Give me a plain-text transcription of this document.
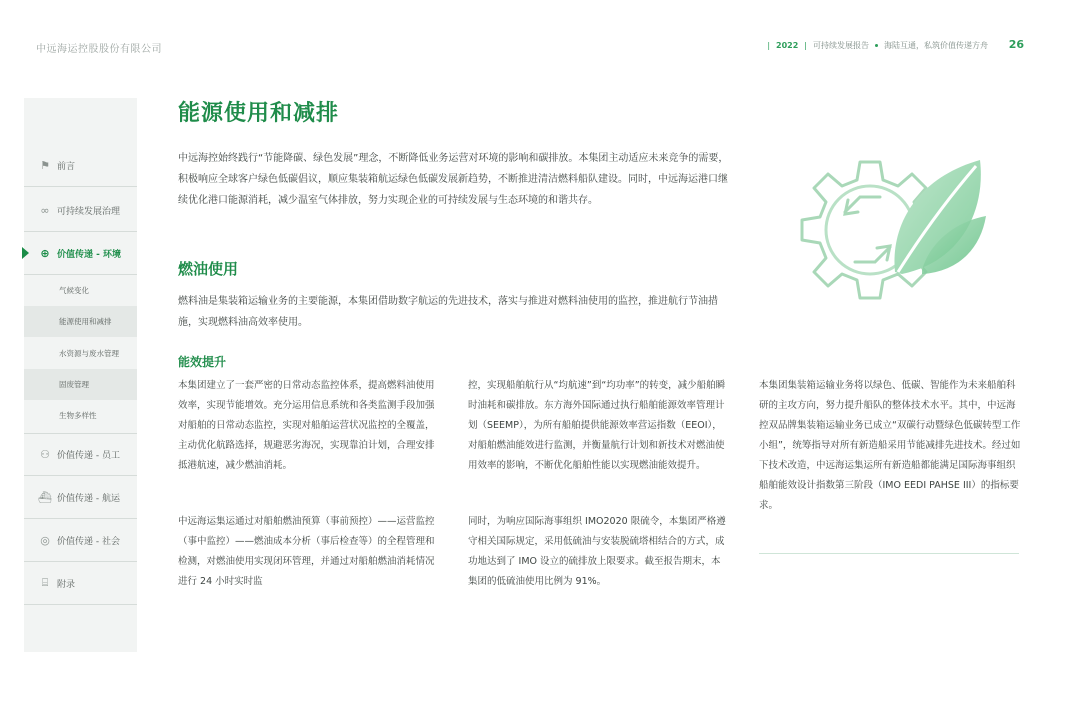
中远海运控股股份有限公司	| 2022 | 可持续发展报告 海陆互通，私筑价值传递方舟 26
⚑ 前言
∞ 可持续发展治理
⊕ 价值传递 - 环境
气候变化
能源使用和减排
水资源与废水管理
固废管理
生物多样性
⚇ 价值传递 - 员工
⛴ 价值传递 - 航运
◎ 价值传递 - 社会
⌸ 附录
能源使用和减排
中远海控始终践行“节能降碳、绿色发展”理念，不断降低业务运营对环境的影响和碳排放。本集团主动适应未来竞争的需要，积极响应全球客户绿色低碳倡议，顺应集装箱航运绿色低碳发展新趋势，不断推进清洁燃料船队建设。同时，中远海运港口继续优化港口能源消耗，减少温室气体排放，努力实现企业的可持续发展与生态环境的和谐共存。
燃油使用
燃料油是集装箱运输业务的主要能源，本集团借助数字航运的先进技术，落实与推进对燃料油使用的监控，推进航行节油措施，实现燃料油高效率使用。
能效提升
本集团建立了一套严密的日常动态监控体系，提高燃料油使用效率，实现节能增效。充分运用信息系统和各类监测手段加强对船舶的日常动态监控，实现对船舶运营状况监控的全覆盖，主动优化航路选择，规避恶劣海况，实现靠泊计划，合理安排抵港航速，减少燃油消耗。
中远海运集运通过对船舶燃油预算（事前预控）——运营监控（事中监控）——燃油成本分析（事后检查等）的全程管理和检测，对燃油使用实现闭环管理，并通过对船舶燃油消耗情况进行 24 小时实时监
控，实现船舶航行从“均航速”到“均功率”的转变，减少船舶瞬时油耗和碳排放。东方海外国际通过执行船舶能源效率管理计划（SEEMP），为所有船舶提供能源效率营运指数（EEOI），对船舶燃油能效进行监测，并衡量航行计划和新技术对燃油使用效率的影响，不断优化船舶性能以实现燃油能效提升。
同时，为响应国际海事组织 IMO2020 限硫令，本集团严格遵守相关国际规定，采用低硫油与安装脱硫塔相结合的方式，成功地达到了 IMO 设立的硫排放上限要求。截至报告期末，本集团的低硫油使用比例为 91%。
本集团集装箱运输业务将以绿色、低碳、智能作为未来船舶科研的主攻方向，努力提升船队的整体技术水平。其中，中远海控双品牌集装箱运输业务已成立“双碳行动暨绿色低碳转型工作小组”，统筹指导对所有新造船采用节能减排先进技术。经过如下技术改造，中远海运集运所有新造船都能满足国际海事组织船舶能效设计指数第三阶段（IMO EEDI PAHSE III）的指标要求。
